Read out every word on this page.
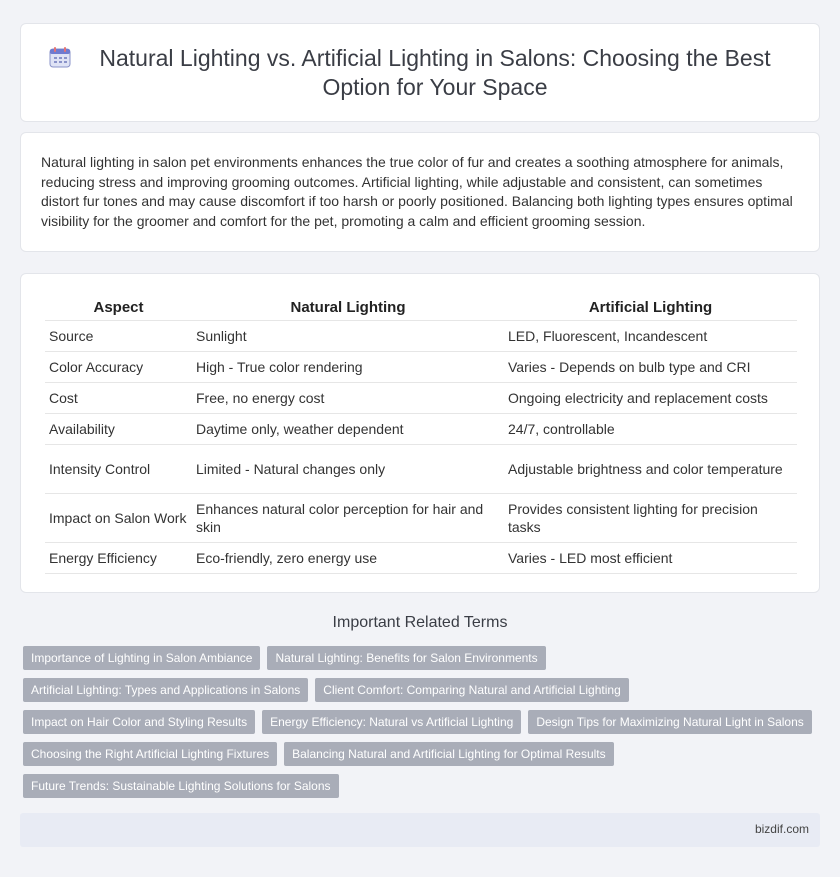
Natural Lighting vs. Artificial Lighting in Salons: Choosing the Best Option for Your Space

Natural lighting in salon pet environments enhances the true color of fur and creates a soothing atmosphere for animals, reducing stress and improving grooming outcomes. Artificial lighting, while adjustable and consistent, can sometimes distort fur tones and may cause discomfort if too harsh or poorly positioned. Balancing both lighting types ensures optimal visibility for the groomer and comfort for the pet, promoting a calm and efficient grooming session.

Aspect	Natural Lighting	Artificial Lighting
Source	Sunlight	LED, Fluorescent, Incandescent
Color Accuracy	High - True color rendering	Varies - Depends on bulb type and CRI
Cost	Free, no energy cost	Ongoing electricity and replacement costs
Availability	Daytime only, weather dependent	24/7, controllable
Intensity Control	Limited - Natural changes only	Adjustable brightness and color temperature
Impact on Salon Work	Enhances natural color perception for hair and skin	Provides consistent lighting for precision tasks
Energy Efficiency	Eco-friendly, zero energy use	Varies - LED most efficient
Important Related Terms
Importance of Lighting in Salon Ambiance	Natural Lighting: Benefits for Salon Environments
Artificial Lighting: Types and Applications in Salons	Client Comfort: Comparing Natural and Artificial Lighting
Impact on Hair Color and Styling Results	Energy Efficiency: Natural vs Artificial Lighting	Design Tips for Maximizing Natural Light in Salons
Choosing the Right Artificial Lighting Fixtures	Balancing Natural and Artificial Lighting for Optimal Results
Future Trends: Sustainable Lighting Solutions for Salons
bizdif.com
